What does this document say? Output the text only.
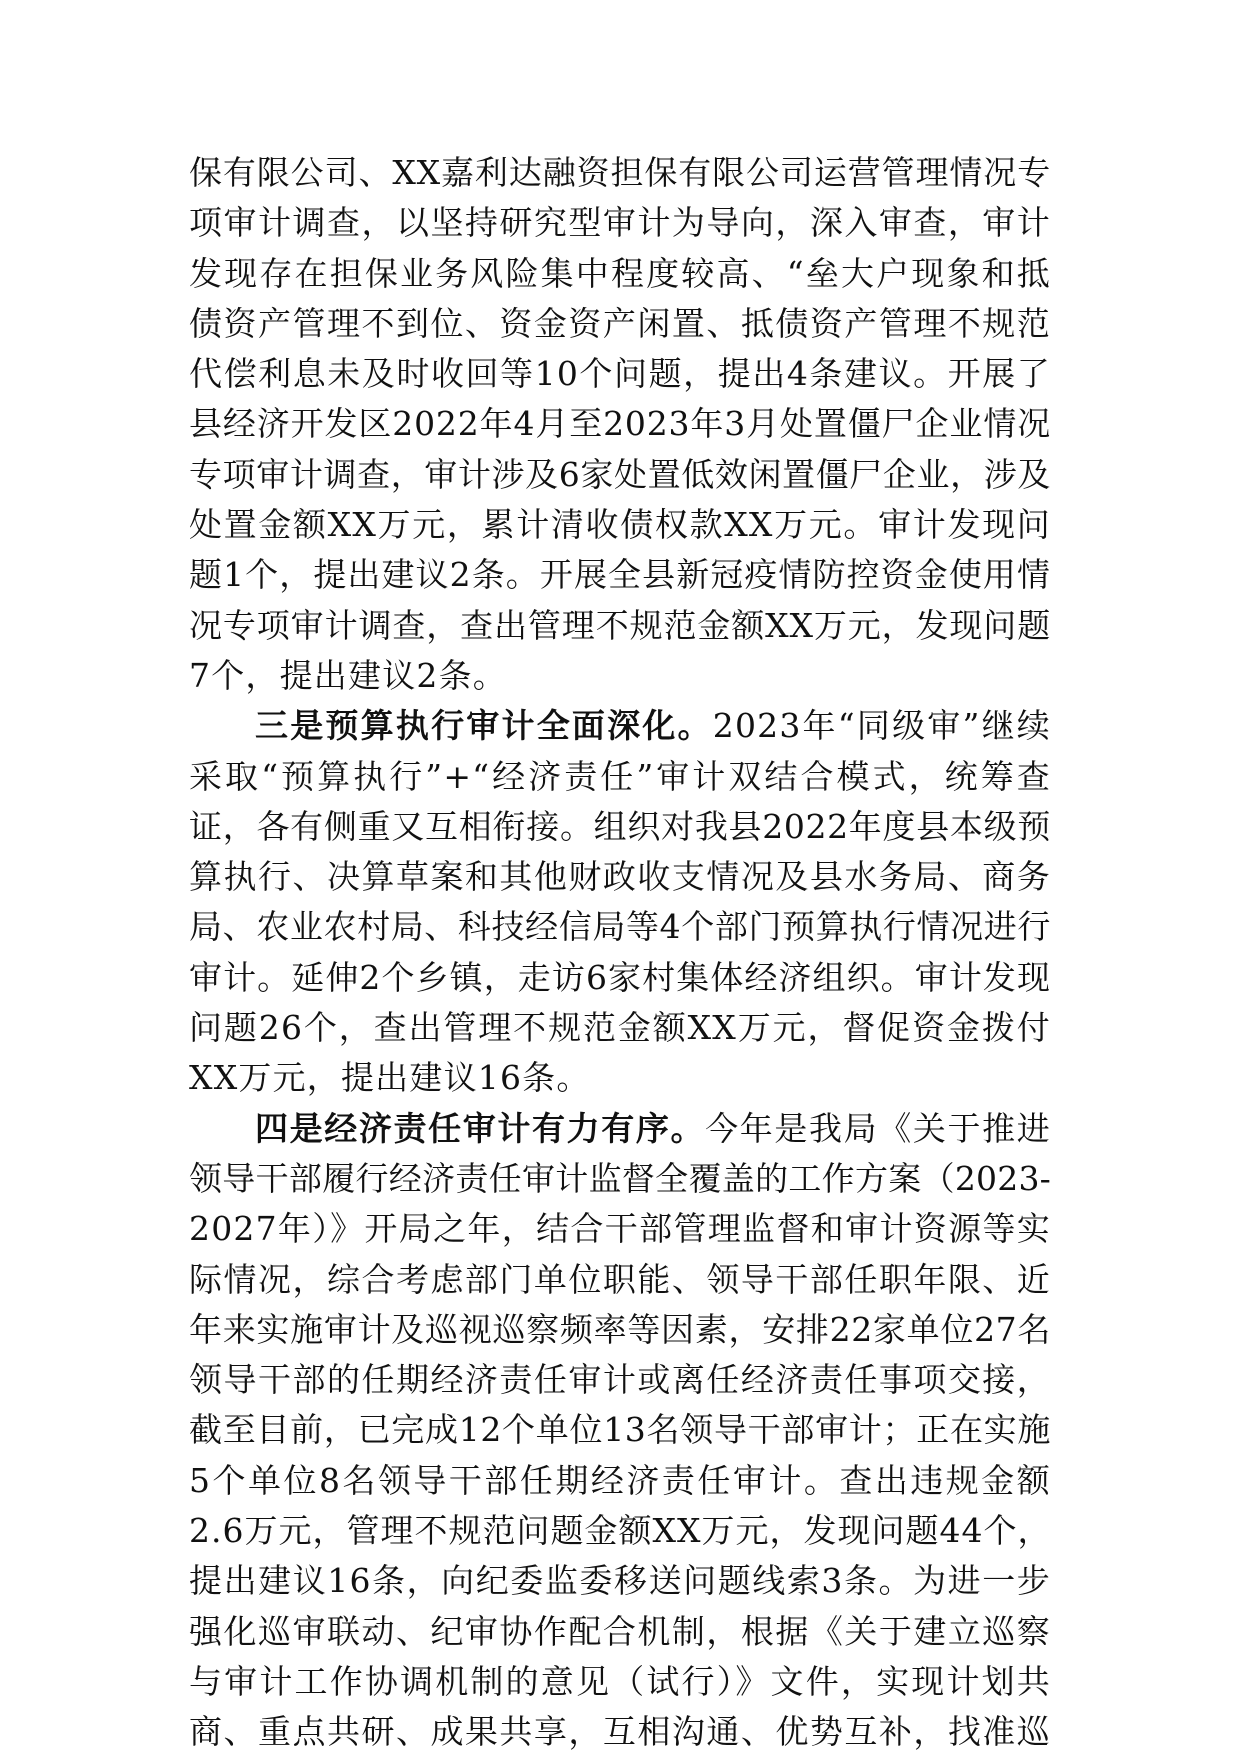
保有限公司、XX嘉利达融资担保有限公司运营管理情况专
项审计调查，以坚持研究型审计为导向，深入审查，审计
发现存在担保业务风险集中程度较高、“垒大户现象和抵
债资产管理不到位、资金资产闲置、抵债资产管理不规范
代偿利息未及时收回等10个问题，提出4条建议。开展了
县经济开发区2022年4月至2023年3月处置僵尸企业情况
专项审计调查，审计涉及6家处置低效闲置僵尸企业，涉及
处置金额XX万元，累计清收债权款XX万元。审计发现问
题1个，提出建议2条。开展全县新冠疫情防控资金使用情
况专项审计调查，查出管理不规范金额XX万元，发现问题
7个，提出建议2条。
三是预算执行审计全面深化。2023年“同级审”继续
采取“预算执行”+“经济责任”审计双结合模式，统筹查
证，各有侧重又互相衔接。组织对我县2022年度县本级预
算执行、决算草案和其他财政收支情况及县水务局、商务
局、农业农村局、科技经信局等4个部门预算执行情况进行
审计。延伸2个乡镇，走访6家村集体经济组织。审计发现
问题26个，查出管理不规范金额XX万元，督促资金拨付
XX万元，提出建议16条。
四是经济责任审计有力有序。今年是我局《关于推进
领导干部履行经济责任审计监督全覆盖的工作方案（2023-
2027年）》开局之年，结合干部管理监督和审计资源等实
际情况，综合考虑部门单位职能、领导干部任职年限、近
年来实施审计及巡视巡察频率等因素，安排22家单位27名
领导干部的任期经济责任审计或离任经济责任事项交接，
截至目前，已完成12个单位13名领导干部审计；正在实施
5个单位8名领导干部任期经济责任审计。查出违规金额
2.6万元，管理不规范问题金额XX万元，发现问题44个，
提出建议16条，向纪委监委移送问题线索3条。为进一步
强化巡审联动、纪审协作配合机制，根据《关于建立巡察
与审计工作协调机制的意见（试行）》文件，实现计划共
商、重点共研、成果共享，互相沟通、优势互补，找准巡
